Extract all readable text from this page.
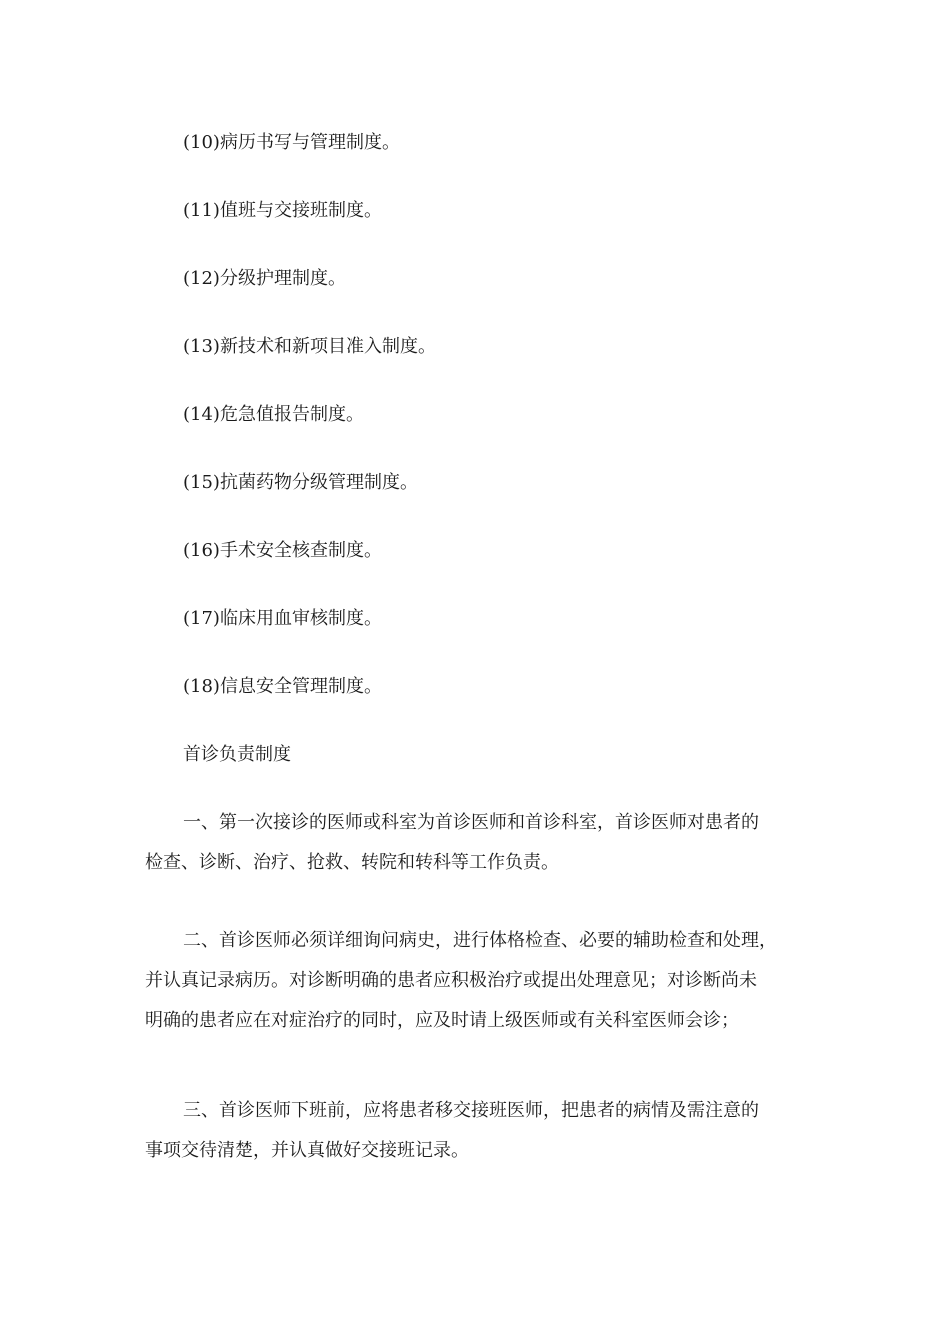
(10)病历书写与管理制度。
(11)值班与交接班制度。
(12)分级护理制度。
(13)新技术和新项目准入制度。
(14)危急值报告制度。
(15)抗菌药物分级管理制度。
(16)手术安全核查制度。
(17)临床用血审核制度。
(18)信息安全管理制度。
首诊负责制度
一、第一次接诊的医师或科室为首诊医师和首诊科室，首诊医师对患者的
检查、诊断、治疗、抢救、转院和转科等工作负责。
二、首诊医师必须详细询问病史，进行体格检查、必要的辅助检查和处理，
并认真记录病历。对诊断明确的患者应积极治疗或提出处理意见；对诊断尚未
明确的患者应在对症治疗的同时，应及时请上级医师或有关科室医师会诊；
三、首诊医师下班前，应将患者移交接班医师，把患者的病情及需注意的
事项交待清楚，并认真做好交接班记录。
